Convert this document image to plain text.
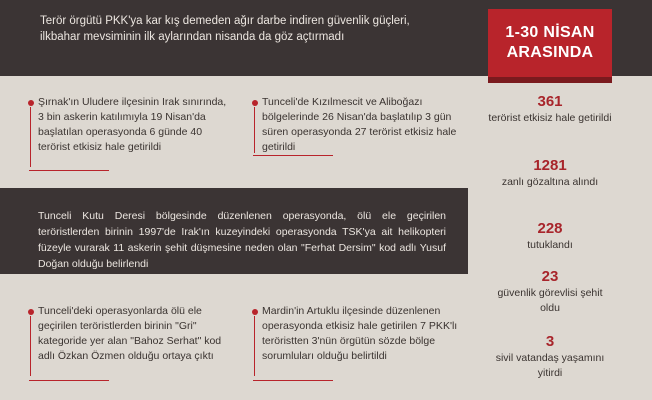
Terör örgütü PKK'ya kar kış demeden ağır darbe indiren güvenlik güçleri, ilkbahar mevsiminin ilk aylarından nisanda da göz açtırmadı	1-30 NİSAN
ARASINDA
Şırnak'ın Uludere ilçesinin Irak sınırında, 3 bin askerin katılımıyla 19 Nisan'da başlatılan operasyonda 6 günde 40 terörist etkisiz hale getirildi
Tunceli'de Kızılmescit ve Aliboğazı bölgelerinde 26 Nisan'da başlatılıp 3 gün süren operasyonda 27 terörist etkisiz hale getirildi
Tunceli Kutu Deresi bölgesinde düzenlenen operasyonda, ölü ele geçirilen teröristlerden birinin 1997'de Irak'ın kuzeyindeki operasyonda TSK'ya ait helikopteri füzeyle vurarak 11 askerin şehit düşmesine neden olan "Ferhat Dersim" kod adlı Yusuf Doğan olduğu belirlendi
Tunceli'deki operasyonlarda ölü ele geçirilen teröristlerden birinin "Gri" kategoride yer alan "Bahoz Serhat" kod adlı Özkan Özmen olduğu ortaya çıktı
Mardin'in Artuklu ilçesinde düzenlenen operasyonda etkisiz hale getirilen 7 PKK'lı teröristten 3'nün örgütün sözde bölge sorumluları olduğu belirtildi
361
terörist etkisiz hale getirildi
1281
zanlı gözaltına alındı
228
tutuklandı
23
güvenlik görevlisi şehit oldu
3
sivil vatandaş yaşamını yitirdi
